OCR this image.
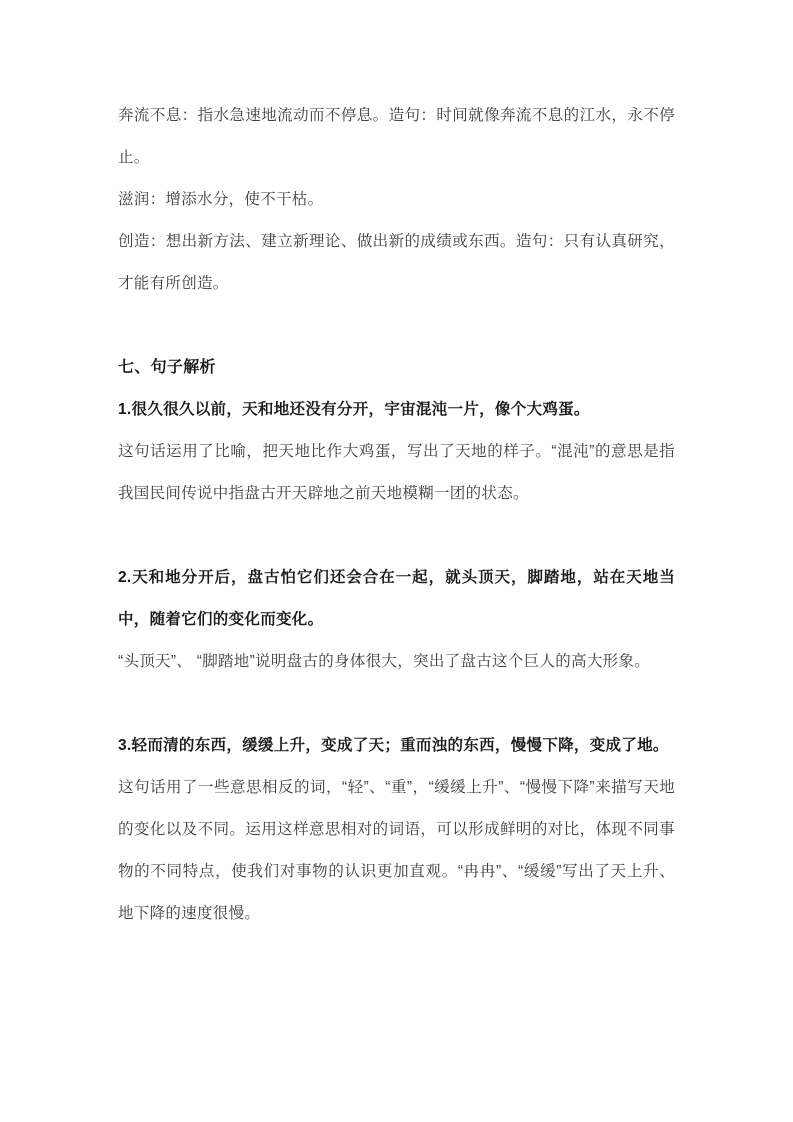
奔流不息：指水急速地流动而不停息。造句：时间就像奔流不息的江水，永不停止。

滋润：增添水分，使不干枯。

创造：想出新方法、建立新理论、做出新的成绩或东西。造句：只有认真研究，才能有所创造。

七、句子解析

1.很久很久以前，天和地还没有分开，宇宙混沌一片，像个大鸡蛋。

这句话运用了比喻，把天地比作大鸡蛋，写出了天地的样子。“混沌”的意思是指我国民间传说中指盘古开天辟地之前天地模糊一团的状态。

2.天和地分开后，盘古怕它们还会合在一起，就头顶天，脚踏地，站在天地当中，随着它们的变化而变化。

“头顶天”、 “脚踏地”说明盘古的身体很大，突出了盘古这个巨人的高大形象。

3.轻而清的东西，缓缓上升，变成了天；重而浊的东西，慢慢下降，变成了地。

这句话用了一些意思相反的词，“轻”、“重”，“缓缓上升”、“慢慢下降”来描写天地的变化以及不同。运用这样意思相对的词语，可以形成鲜明的对比，体现不同事物的不同特点，使我们对事物的认识更加直观。“冉冉”、“缓缓”写出了天上升、地下降的速度很慢。
